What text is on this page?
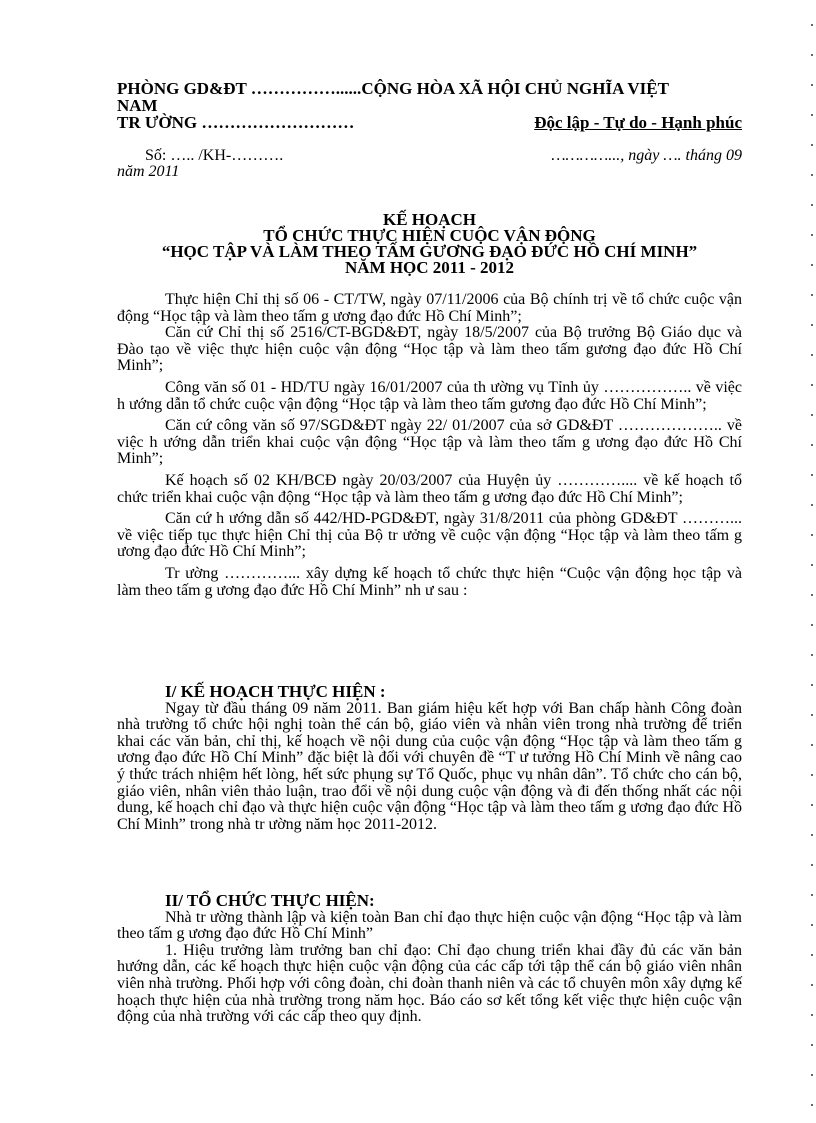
PHÒNG GD&ĐT ……………......CỘNG HÒA XÃ HỘI CHỦ NGHĨA VIỆT
NAM
TR ƯỜNG ………………………	Độc lập - Tự do - Hạnh phúc
Số: ….. /KH-……….	…………..., ngày …. tháng 09
năm 2011
KẾ HOẠCH
TỔ CHỨC THỰC HIỆN CUỘC VẬN ĐỘNG
“HỌC TẬP VÀ LÀM THEO TẤM GƯƠNG ĐẠO ĐỨC HỒ CHÍ MINH”
NĂM HỌC 2011 - 2012

Thực hiện Chỉ thị số 06 - CT/TW, ngày 07/11/2006 của Bộ chính trị về tổ chức cuộc vận động “Học tập và làm theo tấm g ương đạo đức Hồ Chí Minh”;

Căn cứ Chỉ thị số 2516/CT-BGD&ĐT, ngày 18/5/2007 của Bộ trưởng Bộ Giáo dục và Đào tạo về việc thực hiện cuộc vận động “Học tập và làm theo tấm gương đạo đức Hồ Chí Minh”;

Công văn số 01 - HD/TU ngày 16/01/2007 của th ường vụ Tỉnh ủy …………….. về việc h ướng dẫn tổ chức cuộc vận động “Học tập và làm theo tấm gương đạo đức Hồ Chí Minh”;

Căn cứ công văn số 97/SGD&ĐT ngày 22/ 01/2007 của sở GD&ĐT ……………….. về việc h ướng dẫn triển khai cuộc vận động “Học tập và làm theo tấm g ương đạo đức Hồ Chí Minh”;

Kế hoạch số 02 KH/BCĐ ngày 20/03/2007 của Huyện ủy ………….... về kế hoạch tổ chức triển khai cuộc vận động “Học tập và làm theo tấm g ương đạo đức Hồ Chí Minh”;

Căn cứ h ướng dẫn số 442/HD-PGD&ĐT, ngày 31/8/2011 của phòng GD&ĐT ………... về việc tiếp tục thực hiện Chỉ thị của Bộ tr ưởng về cuộc vận động “Học tập và làm theo tấm g ương đạo đức Hồ Chí Minh”;

Tr ường …………... xây dựng kế hoạch tổ chức thực hiện “Cuộc vận động học tập và làm theo tấm g ương đạo đức Hồ Chí Minh” nh ư sau :

I/ KẾ HOẠCH THỰC HIỆN :

Ngay từ đầu tháng 09 năm 2011. Ban giám hiệu kết hợp với Ban chấp hành Công đoàn nhà trường tổ chức hội nghị toàn thể cán bộ, giáo viên và nhân viên trong nhà trường để triển khai các văn bản, chỉ thị, kế hoạch về nội dung của cuộc vận động “Học tập và làm theo tấm g ương đạo đức Hồ Chí Minh” đặc biệt là đối với chuyên đề “T ư tưởng Hồ Chí Minh về nâng cao ý thức trách nhiệm hết lòng, hết sức phụng sự Tổ Quốc, phục vụ nhân dân”. Tổ chức cho cán bộ, giáo viên, nhân viên thảo luận, trao đổi về nội dung cuộc vận động và đi đến thống nhất các nội dung, kế hoạch chỉ đạo và thực hiện cuộc vận động “Học tập và làm theo tấm g ương đạo đức Hồ Chí Minh” trong nhà tr ường năm học 2011-2012.

II/ TỔ CHỨC THỰC HIỆN:

Nhà tr ường thành lập và kiện toàn Ban chỉ đạo thực hiện cuộc vận động “Học tập và làm theo tấm g ương đạo đức Hồ Chí Minh”

1. Hiệu trưởng làm trưởng ban chỉ đạo: Chỉ đạo chung triển khai đầy đủ các văn bản hướng dẫn, các kế hoạch thực hiện cuộc vận động của các cấp tới tập thể cán bộ giáo viên nhân viên nhà trường. Phối hợp với công đoàn, chi đoàn thanh niên và các tổ chuyên môn xây dựng kế hoạch thực hiện của nhà trường trong năm học. Báo cáo sơ kết tổng kết việc thực hiện cuộc vận động của nhà trường với các cấp theo quy định.
